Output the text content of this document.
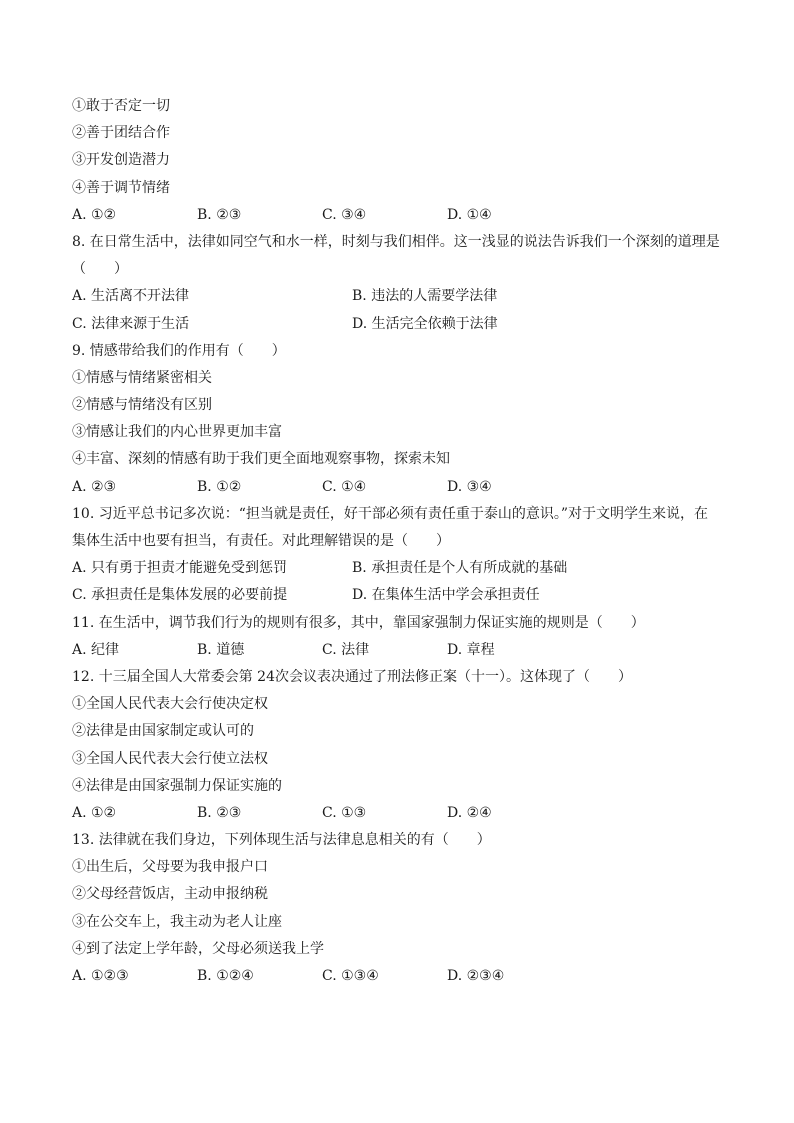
①敢于否定一切
②善于团结合作
③开发创造潜力
④善于调节情绪
A. ①②	B. ②③	C. ③④	D. ①④
8. 在日常生活中，法律如同空气和水一样，时刻与我们相伴。这一浅显的说法告诉我们一个深刻的道理是
（　　）
A. 生活离不开法律	B. 违法的人需要学法律
C. 法律来源于生活	D. 生活完全依赖于法律
9. 情感带给我们的作用有（　　）
①情感与情绪紧密相关
②情感与情绪没有区别
③情感让我们的内心世界更加丰富
④丰富、深刻的情感有助于我们更全面地观察事物，探索未知
A. ②③	B. ①②	C. ①④	D. ③④
10. 习近平总书记多次说：“担当就是责任，好干部必须有责任重于泰山的意识。”对于文明学生来说，在
集体生活中也要有担当，有责任。对此理解错误的是（　　）
A. 只有勇于担责才能避免受到惩罚	B. 承担责任是个人有所成就的基础
C. 承担责任是集体发展的必要前提	D. 在集体生活中学会承担责任
11. 在生活中，调节我们行为的规则有很多，其中，靠国家强制力保证实施的规则是（　　）
A. 纪律	B. 道德	C. 法律	D. 章程
12. 十三届全国人大常委会第 24次会议表决通过了刑法修正案（十一）。这体现了（　　）
①全国人民代表大会行使决定权
②法律是由国家制定或认可的
③全国人民代表大会行使立法权
④法律是由国家强制力保证实施的
A. ①②	B. ②③	C. ①③	D. ②④
13. 法律就在我们身边，下列体现生活与法律息息相关的有（　　）
①出生后，父母要为我申报户口
②父母经营饭店，主动申报纳税
③在公交车上，我主动为老人让座
④到了法定上学年龄，父母必须送我上学
A. ①②③	B. ①②④	C. ①③④	D. ②③④
